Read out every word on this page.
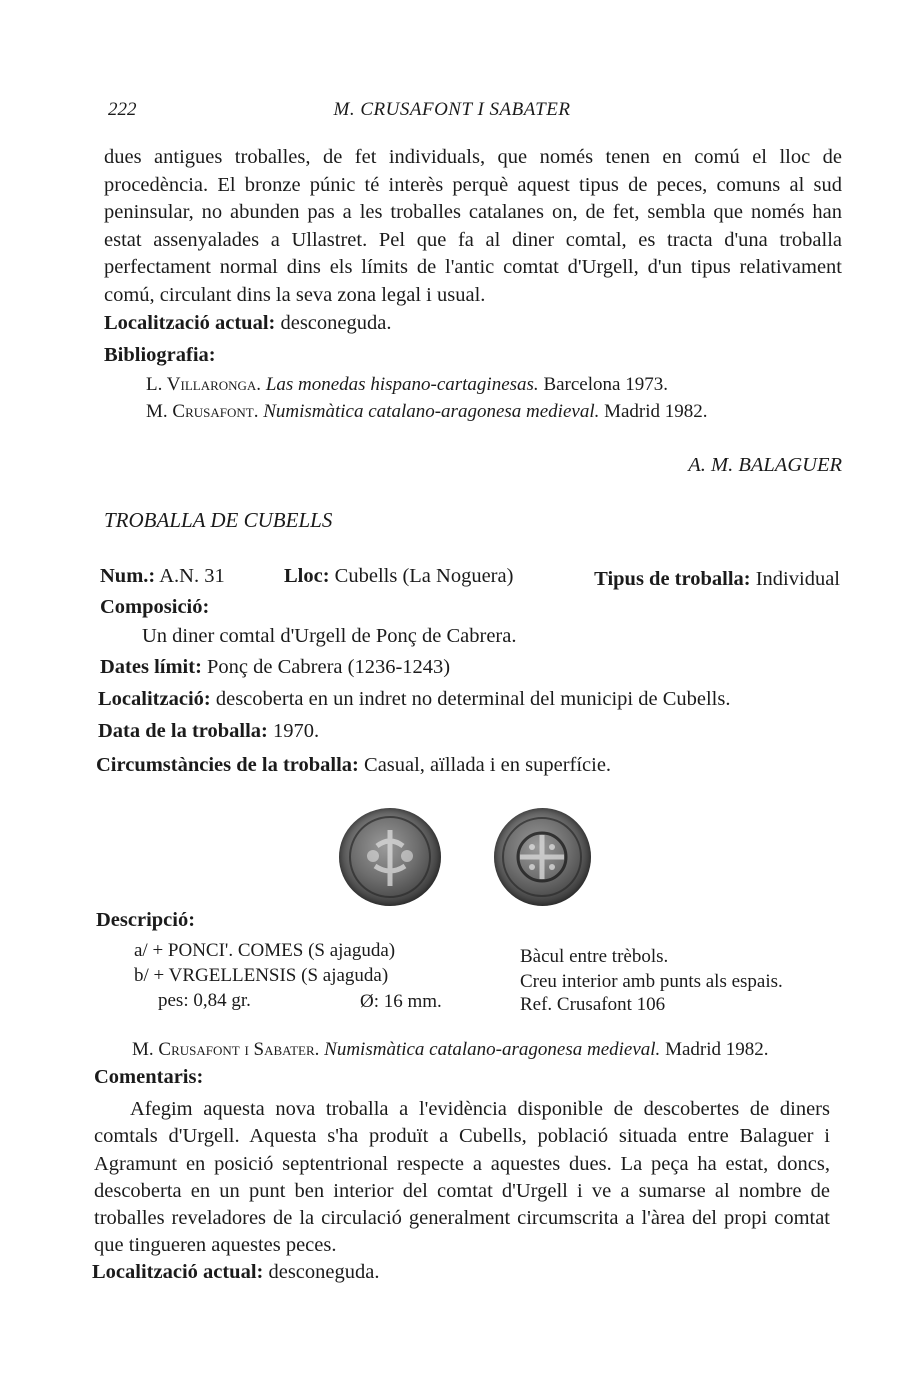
222	M. CRUSAFONT I SABATER
dues antigues troballes, de fet individuals, que només tenen en comú el lloc de procedència. El bronze púnic té interès perquè aquest tipus de peces, comuns al sud peninsular, no abunden pas a les troballes catalanes on, de fet, sembla que només han estat assenyalades a Ullastret. Pel que fa al diner comtal, es tracta d'una troballa perfectament normal dins els límits de l'antic comtat d'Urgell, d'un tipus relativament comú, circulant dins la seva zona legal i usual.
Localització actual: desconeguda.
Bibliografia:
L. Villaronga. Las monedas hispano-cartaginesas. Barcelona 1973.
M. Crusafont. Numismàtica catalano-aragonesa medieval. Madrid 1982.
A. M. BALAGUER
TROBALLA DE CUBELLS
Num.: A.N. 31	Lloc: Cubells (La Noguera)	Tipus de troballa: Individual
Composició:
Un diner comtal d'Urgell de Ponç de Cabrera.
Dates límit: Ponç de Cabrera (1236-1243)
Localització: descoberta en un indret no determinal del municipi de Cubells.
Data de la troballa: 1970.
Circumstàncies de la troballa: Casual, aïllada i en superfície.
Descripció:
a/ + PONCI'. COMES (S ajaguda)
b/ + VRGELLENSIS (S ajaguda)
pes: 0,84 gr.	Ø: 16 mm.
Bàcul entre trèbols.
Creu interior amb punts als espais.
Ref. Crusafont 106
M. Crusafont i Sabater. Numismàtica catalano-aragonesa medieval. Madrid 1982.
Comentaris:
Afegim aquesta nova troballa a l'evidència disponible de descobertes de diners comtals d'Urgell. Aquesta s'ha produït a Cubells, població situada entre Balaguer i Agramunt en posició septentrional respecte a aquestes dues. La peça ha estat, doncs, descoberta en un punt ben interior del comtat d'Urgell i ve a sumarse al nombre de troballes reveladores de la circulació generalment circumscrita a l'àrea del propi comtat que tingueren aquestes peces.
Localització actual: desconeguda.
